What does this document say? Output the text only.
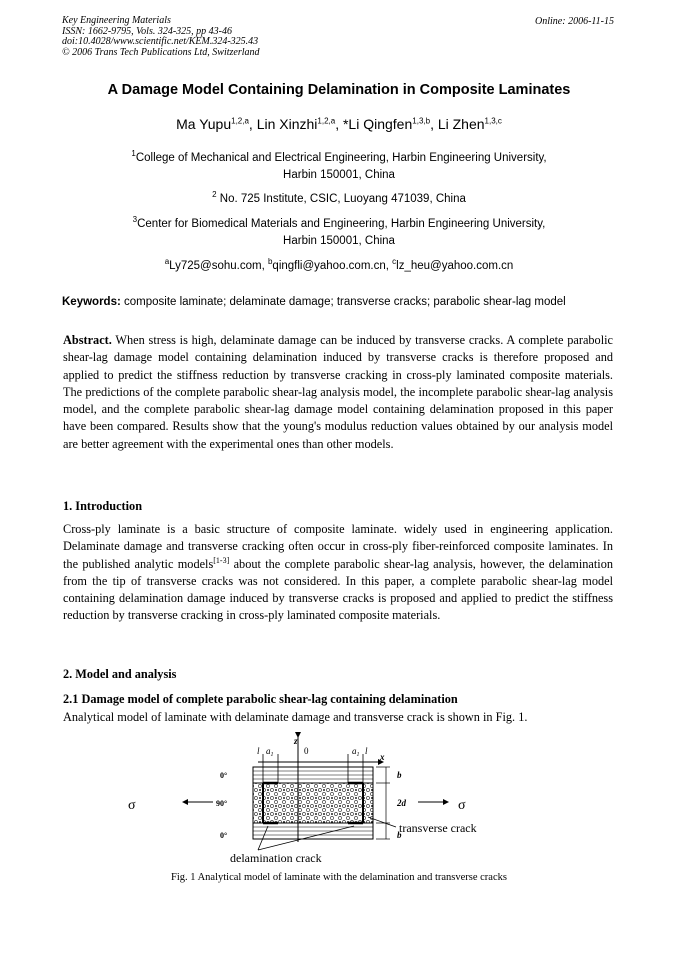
Key Engineering Materials
ISSN: 1662-9795, Vols. 324-325, pp 43-46
doi:10.4028/www.scientific.net/KEM.324-325.43
© 2006 Trans Tech Publications Ltd, Switzerland
Online: 2006-11-15
A Damage Model Containing Delamination in Composite Laminates
Ma Yupu$^{1,2,a}$, Lin Xinzhi$^{1,2,a}$, *Li Qingfen$^{1,3,b}$, Li Zhen$^{1,3,c}$
$^1$College of Mechanical and Electrical Engineering, Harbin Engineering University,
Harbin 150001, China
$^2$ No. 725 Institute, CSIC, Luoyang 471039, China
$^3$Center for Biomedical Materials and Engineering, Harbin Engineering University,
Harbin 150001, China
$^a$Ly725@sohu.com, $^b$qingfli@yahoo.com.cn, $^c$lz_heu@yahoo.com.cn
Keywords: composite laminate; delaminate damage; transverse cracks; parabolic shear-lag model
Abstract. When stress is high, delaminate damage can be induced by transverse cracks. A complete parabolic shear-lag damage model containing delamination induced by transverse cracks is therefore proposed and applied to predict the stiffness reduction by transverse cracking in cross-ply laminated composite materials. The predictions of the complete parabolic shear-lag analysis model, the incomplete parabolic shear-lag analysis model, and the complete parabolic shear-lag damage model containing delamination proposed in this paper have been compared. Results show that the young's modulus reduction values obtained by our analysis model are better agreement with the experimental ones than other models.
1. Introduction
Cross-ply laminate is a basic structure of composite laminate. widely used in engineering application. Delaminate damage and transverse cracking often occur in cross-ply fiber-reinforced composite laminates. In the published analytic models[1-3] about the complete parabolic shear-lag analysis, however, the delamination from the tip of transverse cracks was not considered. In this paper, a complete parabolic shear-lag model containing delamination damage induced by transverse cracks is proposed and applied to predict the stiffness reduction by transverse cracking in cross-ply laminated composite materials.
2. Model and analysis
2.1 Damage model of complete parabolic shear-lag containing delamination
Analytical model of laminate with delaminate damage and transverse crack is shown in Fig. 1.
z
x
l $a_1$	0	$a_1$ l
0°
90°
0°
b
2d
b
σ	σ
transverse crack
delamination crack
Fig. 1 Analytical model of laminate with the delamination and transverse cracks
